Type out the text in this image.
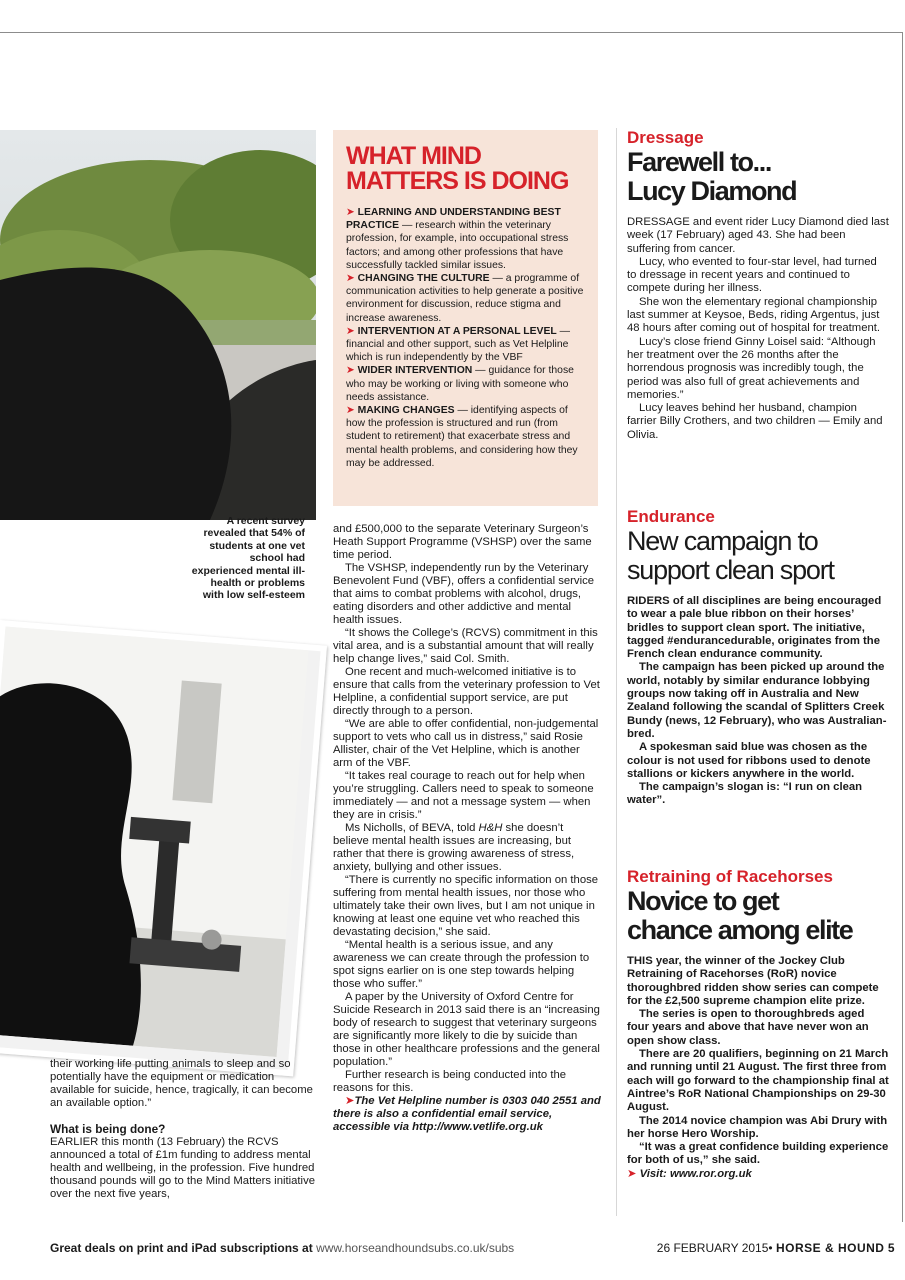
A recent survey revealed that 54% of students at one vet school had experienced mental ill-health or problems with low self-esteem
WHAT MIND MATTERS IS DOING
➤ LEARNING AND UNDERSTANDING BEST PRACTICE — research within the veterinary profession, for example, into occupational stress factors; and among other professions that have successfully tackled similar issues.
➤ CHANGING THE CULTURE — a programme of communication activities to help generate a positive environment for discussion, reduce stigma and increase awareness.
➤ INTERVENTION AT A PERSONAL LEVEL — financial and other support, such as Vet Helpline which is run independently by the VBF
➤ WIDER INTERVENTION — guidance for those who may be working or living with someone who needs assistance.
➤ MAKING CHANGES — identifying aspects of how the profession is structured and run (from student to retirement) that exacerbate stress and mental health problems, and considering how they may be addressed.

and £500,000 to the separate Veterinary Surgeon’s Heath Support Programme (VSHSP) over the same time period.

The VSHSP, independently run by the Veterinary Benevolent Fund (VBF), offers a confidential service that aims to combat problems with alcohol, drugs, eating disorders and other addictive and mental health issues.

“It shows the College’s (RCVS) commitment in this vital area, and is a substantial amount that will really help change lives,” said Col. Smith.

One recent and much-welcomed initiative is to ensure that calls from the veterinary profession to Vet Helpline, a confidential support service, are put directly through to a person.

“We are able to offer confidential, non-judgemental support to vets who call us in distress,” said Rosie Allister, chair of the Vet Helpline, which is another arm of the VBF.

“It takes real courage to reach out for help when you’re struggling. Callers need to speak to someone immediately — and not a message system — when they are in crisis.”

Ms Nicholls, of BEVA, told H&H she doesn’t believe mental health issues are increasing, but rather that there is growing awareness of stress, anxiety, bullying and other issues.

“There is currently no specific information on those suffering from mental health issues, nor those who ultimately take their own lives, but I am not unique in knowing at least one equine vet who reached this devastating decision,” she said.

“Mental health is a serious issue, and any awareness we can create through the profession to spot signs earlier on is one step towards helping those who suffer.”

A paper by the University of Oxford Centre for Suicide Research in 2013 said there is an “increasing body of research to suggest that veterinary surgeons are significantly more likely to die by suicide than those in other healthcare professions and the general population.”

Further research is being conducted into the reasons for this.

➤The Vet Helpline number is 0303 040 2551 and there is also a confidential email service, accessible via http://www.vetlife.org.uk

their working life putting animals to sleep and so potentially have the equipment or medication available for suicide, hence, tragically, it can become an available option.”

What is being done?

EARLIER this month (13 February) the RCVS announced a total of £1m funding to address mental health and wellbeing, in the profession. Five hundred thousand pounds will go to the Mind Matters initiative over the next five years,

Dressage
Farewell to...
Lucy Diamond

DRESSAGE and event rider Lucy Diamond died last week (17 February) aged 43. She had been suffering from cancer.

Lucy, who evented to four-star level, had turned to dressage in recent years and continued to compete during her illness.

She won the elementary regional championship last summer at Keysoe, Beds, riding Argentus, just 48 hours after coming out of hospital for treatment.

Lucy’s close friend Ginny Loisel said: “Although her treatment over the 26 months after the horrendous prognosis was incredibly tough, the period was also full of great achievements and memories.”

Lucy leaves behind her husband, champion farrier Billy Crothers, and two children — Emily and Olivia.

Endurance
New campaign to
support clean sport

RIDERS of all disciplines are being encouraged to wear a pale blue ribbon on their horses’ bridles to support clean sport. The initiative, tagged #endurancedurable, originates from the French clean endurance community.

The campaign has been picked up around the world, notably by similar endurance lobbying groups now taking off in Australia and New Zealand following the scandal of Splitters Creek Bundy (news, 12 February), who was Australian-bred.

A spokesman said blue was chosen as the colour is not used for ribbons used to denote stallions or kickers anywhere in the world.

The campaign’s slogan is: “I run on clean water”.

Retraining of Racehorses
Novice to get
chance among elite

THIS year, the winner of the Jockey Club Retraining of Racehorses (RoR) novice thoroughbred ridden show series can compete for the £2,500 supreme champion elite prize.

The series is open to thoroughbreds aged four years and above that have never won an open show class.

There are 20 qualifiers, beginning on 21 March and running until 21 August. The first three from each will go forward to the championship final at Aintree’s RoR National Championships on 29-30 August.

The 2014 novice champion was Abi Drury with her horse Hero Worship.

“It was a great confidence building experience for both of us,” she said.

➤ Visit: www.ror.org.uk

Great deals on print and iPad subscriptions at www.horseandhoundsubs.co.uk/subs	26 FEBRUARY 2015• HORSE & HOUND 5
